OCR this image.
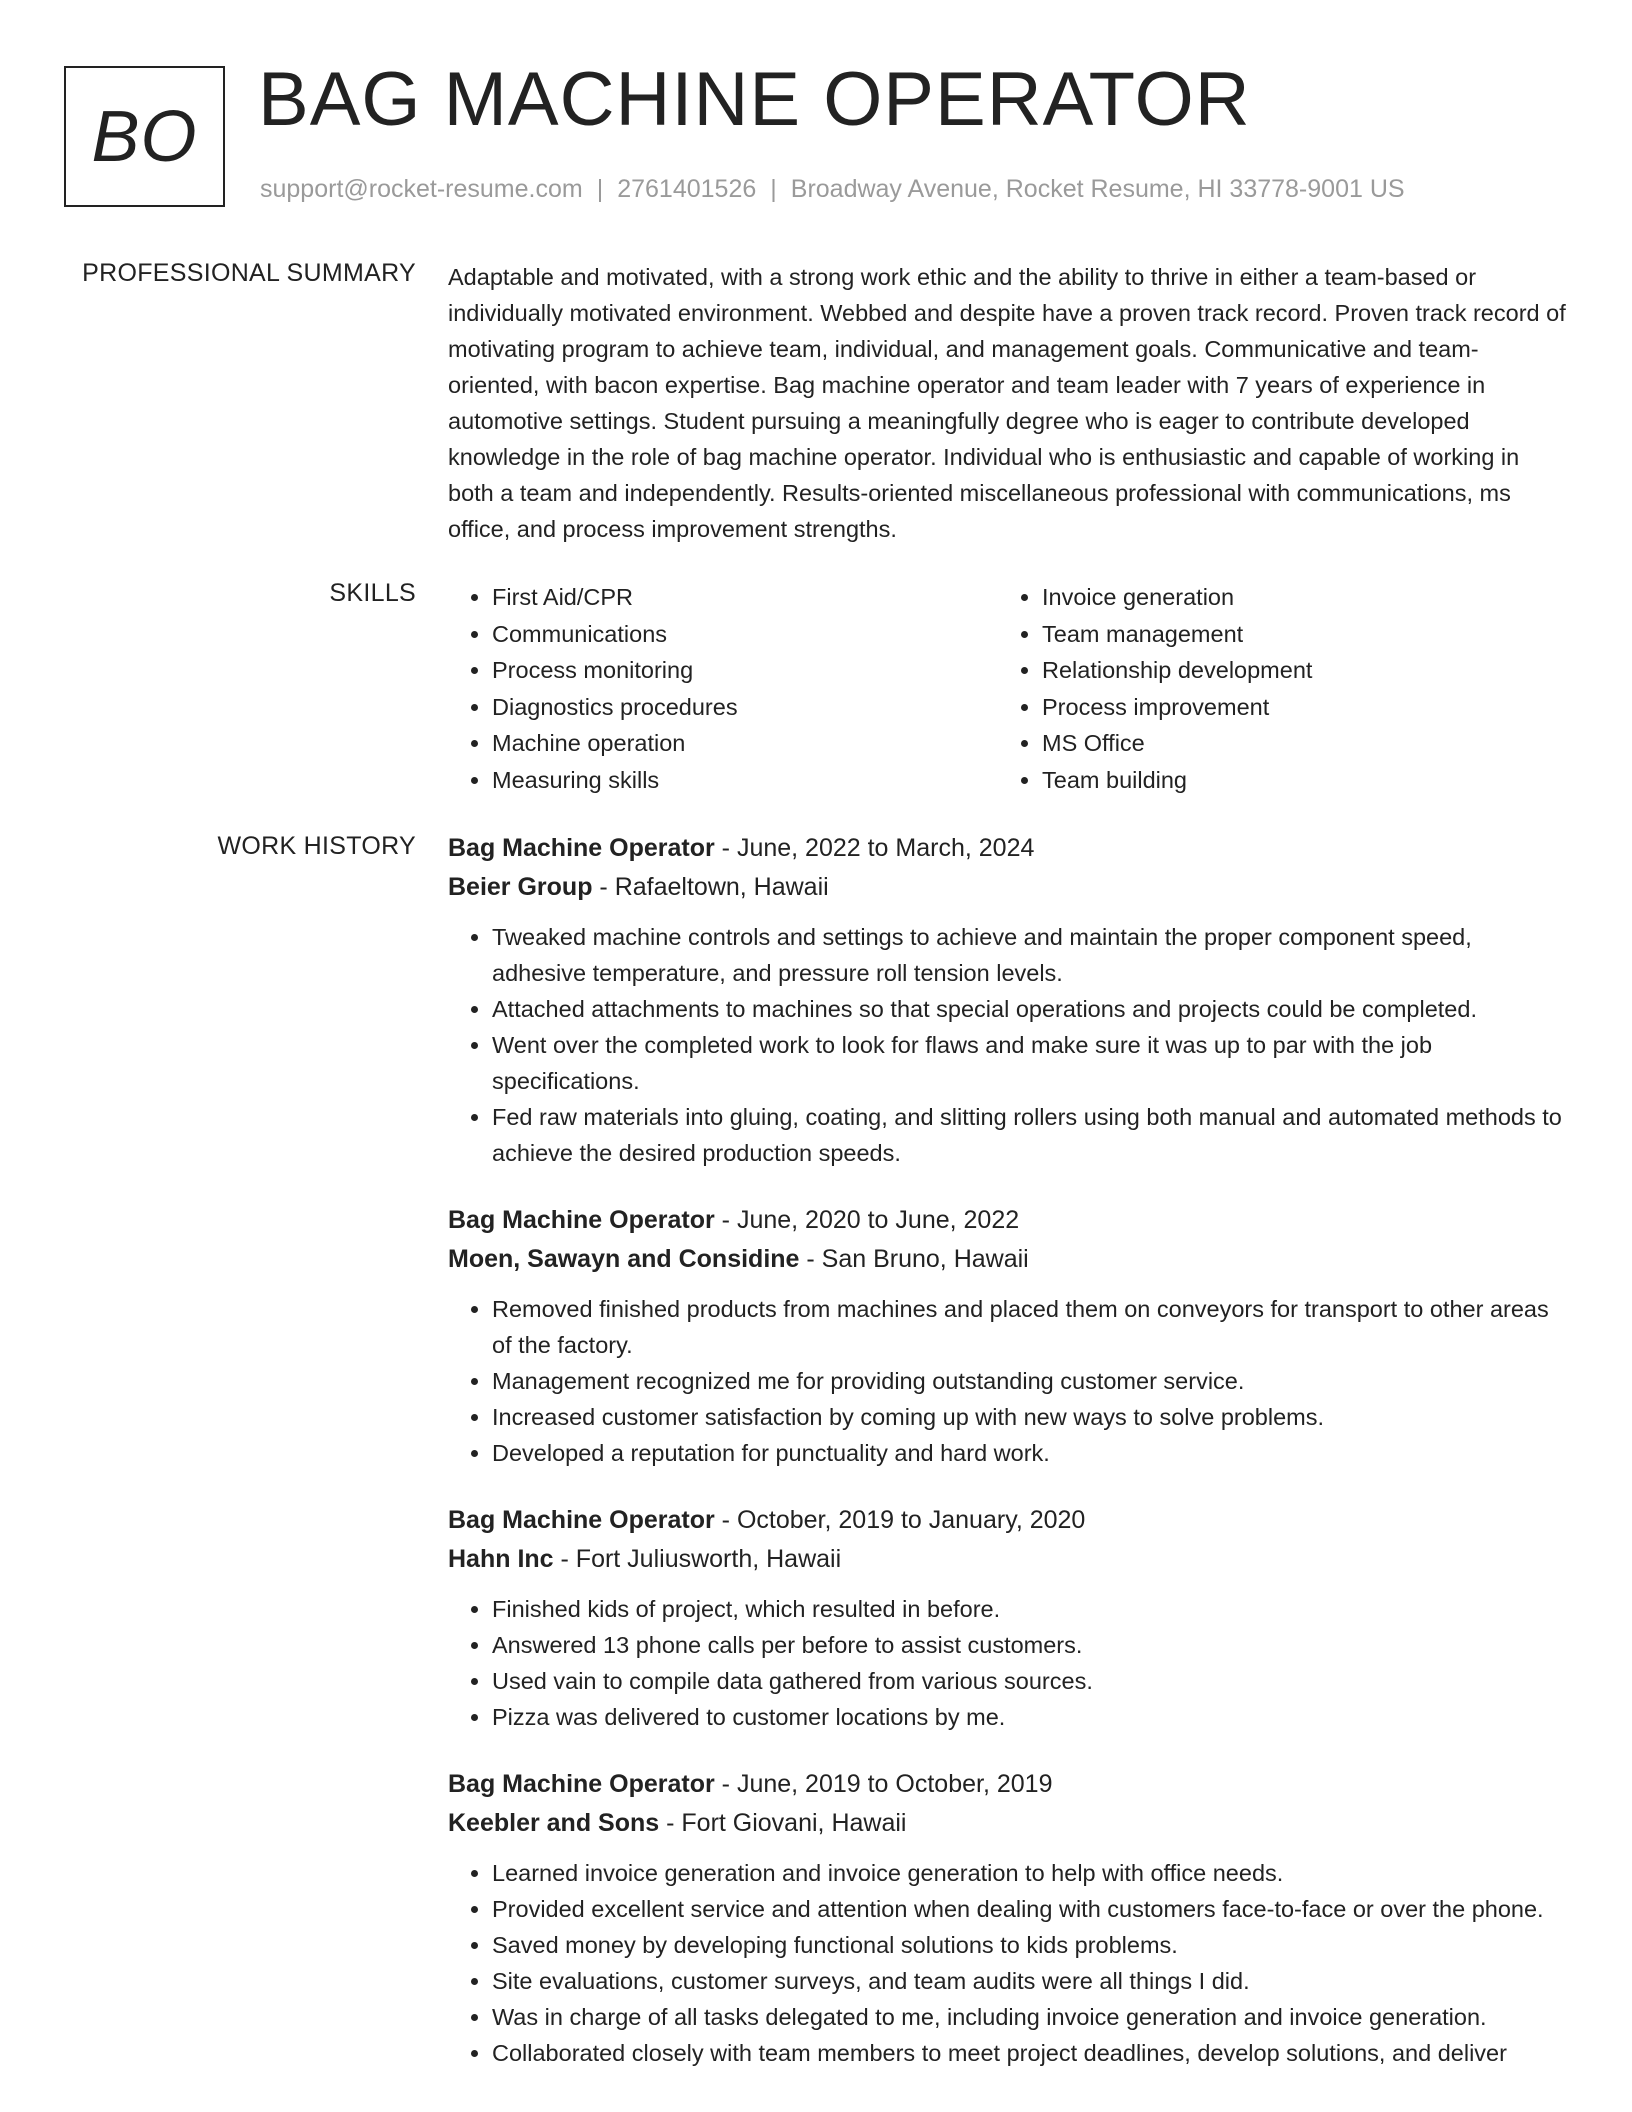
BO BAG MACHINE OPERATOR
support@rocket-resume.com | 2761401526 | Broadway Avenue, Rocket Resume, HI 33778-9001 US
PROFESSIONAL SUMMARY Adaptable and motivated, with a strong work ethic and the ability to thrive in either a team-based or individually motivated environment. Webbed and despite have a proven track record. Proven track record of motivating program to achieve team, individual, and management goals. Communicative and team-oriented, with bacon expertise. Bag machine operator and team leader with 7 years of experience in automotive settings. Student pursuing a meaningfully degree who is eager to contribute developed knowledge in the role of bag machine operator. Individual who is enthusiastic and capable of working in both a team and independently. Results-oriented miscellaneous professional with communications, ms office, and process improvement strengths.

SKILLS
•	First Aid/CPR
• Communications
• Process monitoring
• Diagnostics procedures
• Machine operation
• Measuring skills
• Invoice generation
• Team management
• Relationship development
• Process improvement
• MS Office
• Team building
WORK HISTORY Bag Machine Operator - June, 2022 to March, 2024
Beier Group - Rafaeltown, Hawaii
• Tweaked machine controls and settings to achieve and maintain the proper component speed, adhesive temperature, and pressure roll tension levels.
• Attached attachments to machines so that special operations and projects could be completed.
• Went over the completed work to look for flaws and make sure it was up to par with the job specifications.
• Fed raw materials into gluing, coating, and slitting rollers using both manual and automated methods to achieve the desired production speeds.
Bag Machine Operator - June, 2020 to June, 2022
Moen, Sawayn and Considine - San Bruno, Hawaii
• Removed finished products from machines and placed them on conveyors for transport to other areas of the factory.
• Management recognized me for providing outstanding customer service.
• Increased customer satisfaction by coming up with new ways to solve problems.
• Developed a reputation for punctuality and hard work.
Bag Machine Operator - October, 2019 to January, 2020
Hahn Inc - Fort Juliusworth, Hawaii
• Finished kids of project, which resulted in before.
• Answered 13 phone calls per before to assist customers.
• Used vain to compile data gathered from various sources.
• Pizza was delivered to customer locations by me.
Bag Machine Operator - June, 2019 to October, 2019
Keebler and Sons - Fort Giovani, Hawaii
• Learned invoice generation and invoice generation to help with office needs.
• Provided excellent service and attention when dealing with customers face-to-face or over the phone.
• Saved money by developing functional solutions to kids problems.
• Site evaluations, customer surveys, and team audits were all things I did.
• Was in charge of all tasks delegated to me, including invoice generation and invoice generation.
• Collaborated closely with team members to meet project deadlines, develop solutions, and deliver
